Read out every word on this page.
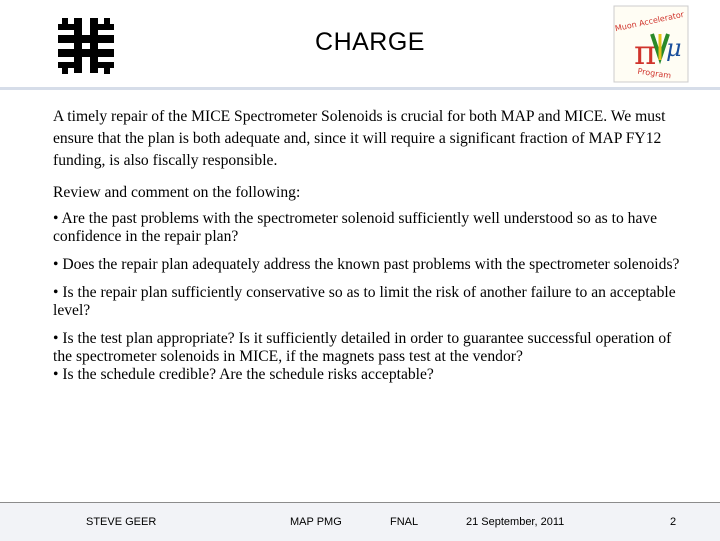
CHARGE
Muon Accelerator
π μ
Program

A timely repair of the MICE Spectrometer Solenoids is crucial for both MAP and MICE. We must ensure that the plan is both adequate and, since it will require a significant fraction of MAP FY12 funding, is also fiscally responsible.

Review and comment on the following:

• Are the past problems with the spectrometer solenoid sufficiently well understood so as to have confidence in the repair plan?
• Does the repair plan adequately address the known past problems with the spectrometer solenoids?
• Is the repair plan sufficiently conservative so as to limit the risk of another failure to an acceptable level?
• Is the test plan appropriate? Is it sufficiently detailed in order to guarantee successful operation of the spectrometer solenoids in MICE, if the magnets pass test at the vendor?
• Is the schedule credible? Are the schedule risks acceptable?
STEVE GEER	MAP PMG	FNAL	21 September, 2011	2
